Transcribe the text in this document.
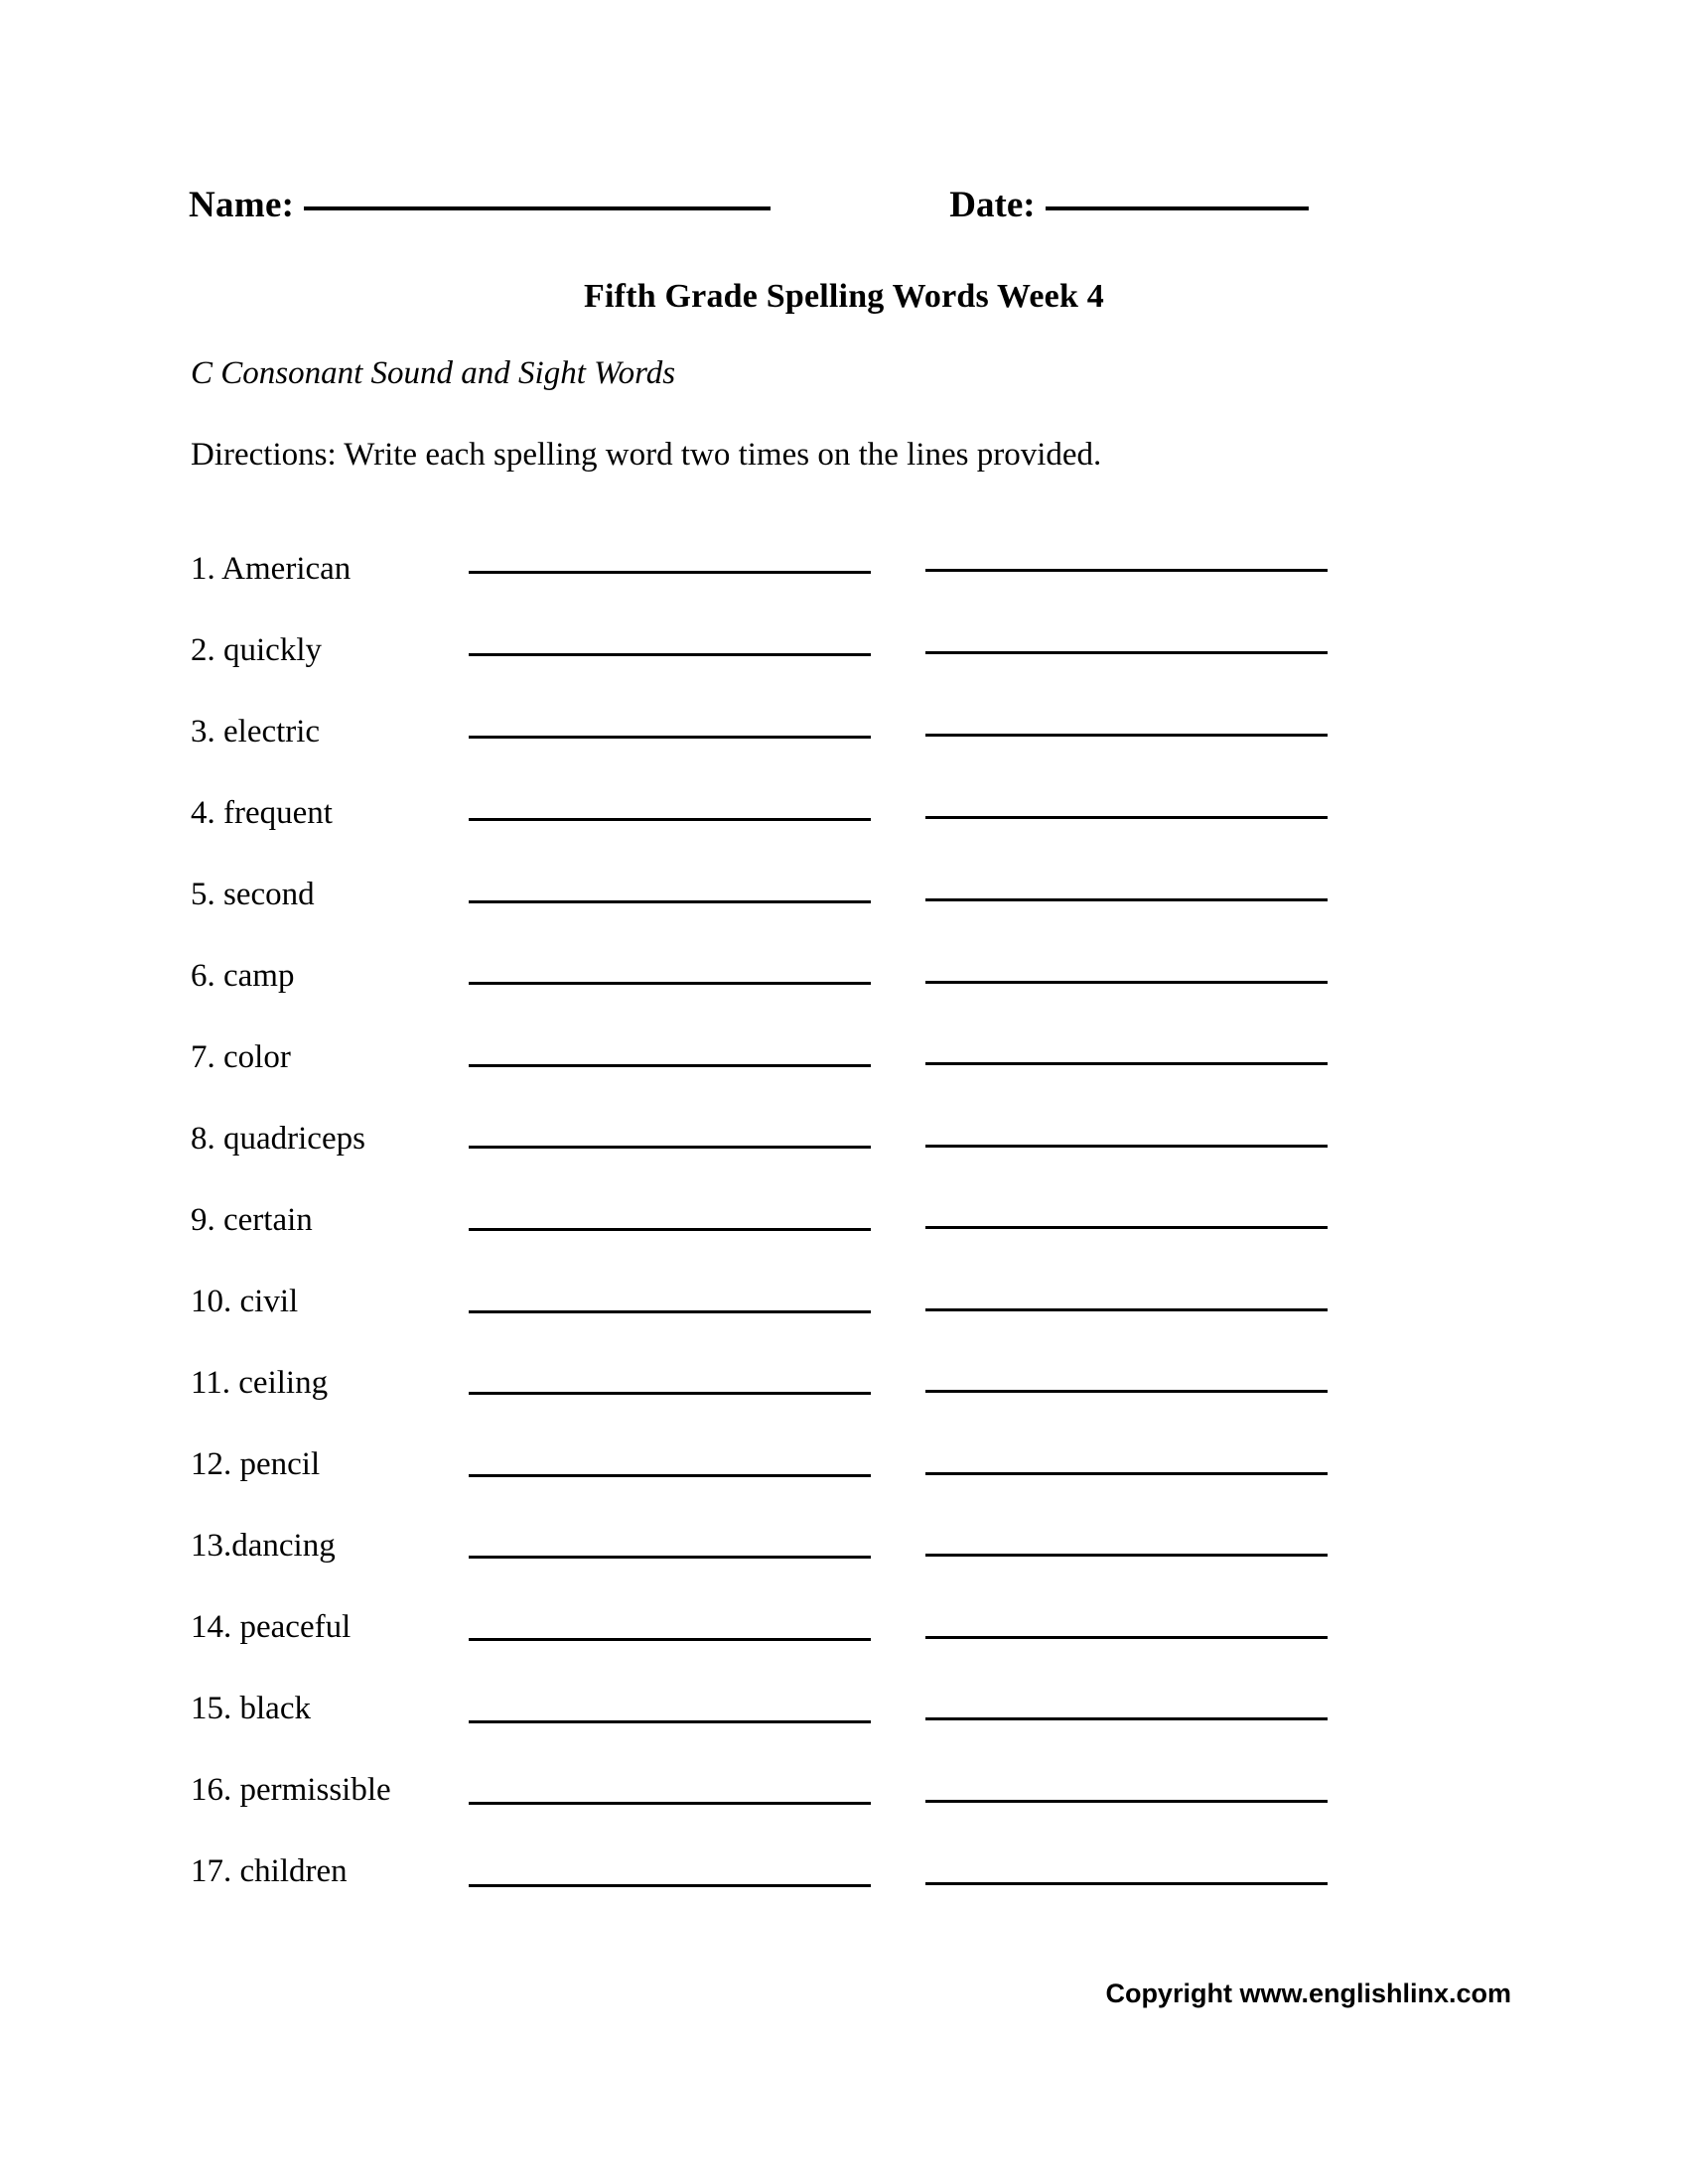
Name:	Date:
Fifth Grade Spelling Words Week 4
C Consonant Sound and Sight Words
Directions: Write each spelling word two times on the lines provided.
1. American
2. quickly
3. electric
4. frequent
5. second
6. camp
7. color
8. quadriceps
9. certain
10. civil
11. ceiling
12. pencil
13.dancing
14. peaceful
15. black
16. permissible
17. children
Copyright www.englishlinx.com
